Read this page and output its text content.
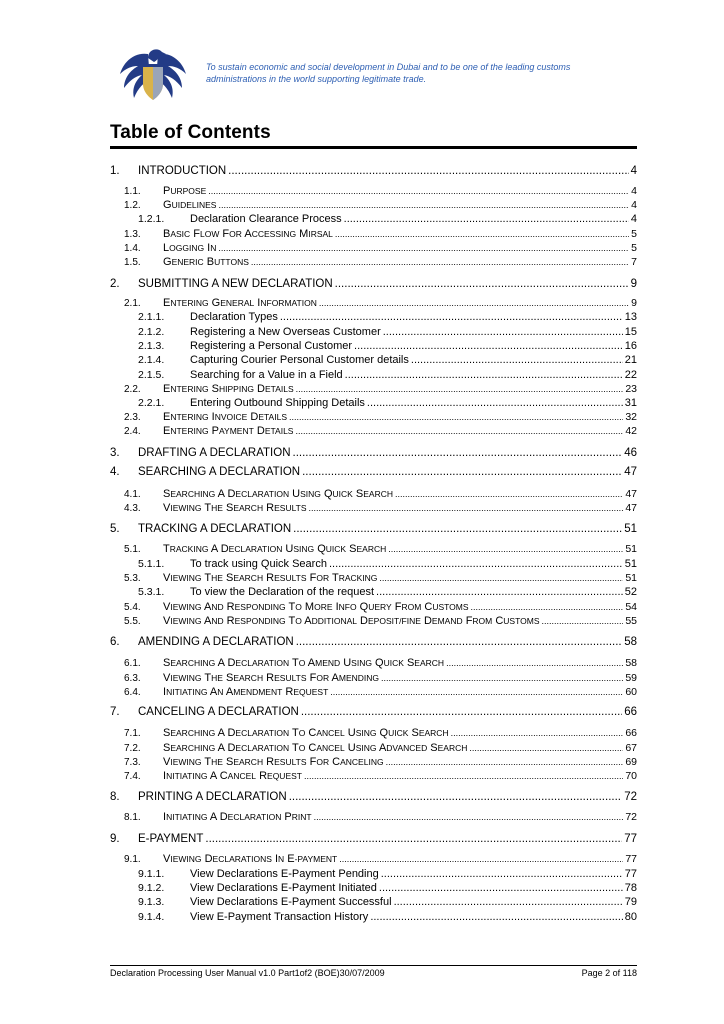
To sustain economic and social development in Dubai and to be one of the leading customs administrations in the world supporting legitimate trade.
Table of Contents
1.	INTRODUCTION .....	4
1.1.	PURPOSE .....	4
1.2.	GUIDELINES .....	4
1.2.1.	Declaration Clearance Process .....	4
1.3.	BASIC FLOW FOR ACCESSING MIRSAL .....	5
1.4.	LOGGING IN .....	5
1.5.	GENERIC BUTTONS .....	7
2.	SUBMITTING A NEW DECLARATION .....	9
2.1.	ENTERING GENERAL INFORMATION .....	9
2.1.1.	Declaration Types .....	13
2.1.2.	Registering a New Overseas Customer .....	15
2.1.3.	Registering a Personal Customer .....	16
2.1.4.	Capturing Courier Personal Customer details .....	21
2.1.5.	Searching for a Value in a Field .....	22
2.2.	ENTERING SHIPPING DETAILS .....	23
2.2.1.	Entering Outbound Shipping Details .....	31
2.3.	ENTERING INVOICE DETAILS .....	32
2.4.	ENTERING PAYMENT DETAILS .....	42
3.	DRAFTING A DECLARATION .....	46
4.	SEARCHING A DECLARATION .....	47
4.1.	SEARCHING A DECLARATION USING QUICK SEARCH .....	47
4.3.	VIEWING THE SEARCH RESULTS .....	47
5.	TRACKING A DECLARATION .....	51
5.1.	TRACKING A DECLARATION USING QUICK SEARCH .....	51
5.1.1.	To track using Quick Search .....	51
5.3.	VIEWING THE SEARCH RESULTS FOR TRACKING .....	51
5.3.1.	To view the Declaration of the request .....	52
5.4.	VIEWING AND RESPONDING TO MORE INFO QUERY FROM CUSTOMS .....	54
5.5.	VIEWING AND RESPONDING TO ADDITIONAL DEPOSIT/FINE DEMAND FROM CUSTOMS .....	55
6.	AMENDING A DECLARATION .....	58
6.1.	SEARCHING A DECLARATION TO AMEND USING QUICK SEARCH .....	58
6.3.	VIEWING THE SEARCH RESULTS FOR AMENDING .....	59
6.4.	INITIATING AN AMENDMENT REQUEST .....	60
7.	CANCELING A DECLARATION .....	66
7.1.	SEARCHING A DECLARATION TO CANCEL USING QUICK SEARCH .....	66
7.2.	SEARCHING A DECLARATION TO CANCEL USING ADVANCED SEARCH .....	67
7.3.	VIEWING THE SEARCH RESULTS FOR CANCELING .....	69
7.4.	INITIATING A CANCEL REQUEST .....	70
8.	PRINTING A DECLARATION .....	72
8.1.	INITIATING A DECLARATION PRINT .....	72
9.	E-PAYMENT .....	77
9.1.	VIEWING DECLARATIONS IN E-PAYMENT .....	77
9.1.1.	View Declarations E-Payment Pending .....	77
9.1.2.	View Declarations E-Payment Initiated .....	78
9.1.3.	View Declarations E-Payment Successful .....	79
9.1.4.	View E-Payment Transaction History .....	80
Declaration Processing User Manual v1.0 Part1of2 (BOE)30/07/2009	Page 2 of 118
